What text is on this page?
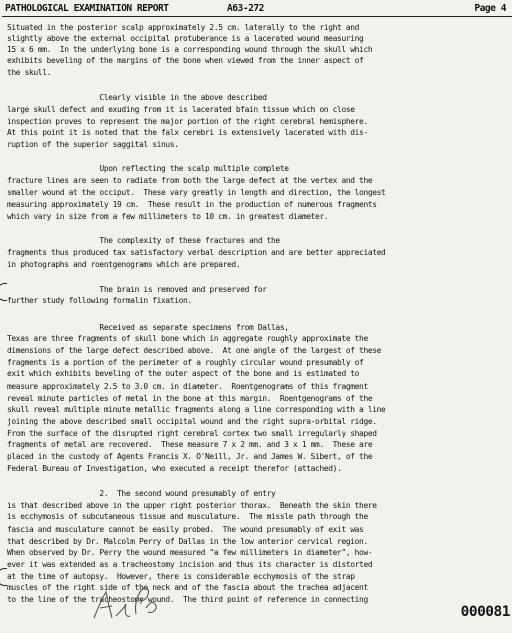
PATHOLOGICAL EXAMINATION REPORT	A63-272	Page 4
Situated in the posterior scalp approximately 2.5 cm. laterally to the right and
slightly above the external occipital protuberance is a lacerated wound measuring
15 x 6 mm.  In the underlying bone is a corresponding wound through the skull which
exhibits beveling of the margins of the bone when viewed from the inner aspect of
the skull.
Clearly visible in the above described
large skull defect and exuding from it is lacerated bfain tissue which on close
inspection proves to represent the major portion of the right cerebral hemisphere.
At this point it is noted that the falx cerebri is extensively lacerated with dis-
ruption of the superior saggital sinus.
Upon reflecting the scalp multiple complete
fracture lines are seen to radiate from both the large defect at the vertex and the
smaller wound at the occiput.  These vary greatly in length and direction, the longest
measuring approximately 19 cm.  These result in the production of numerous fragments
which vary in size from a few millimeters to 10 cm. in greatest diameter.
The complexity of these fractures and the
fragments thus produced tax satisfactory verbal description and are better appreciated
in photographs and roentgenograms which are prepared.
The brain is removed and preserved for
further study following formalin fixation.
Received as separate specimens from Dallas,
Texas are three fragments of skull bone which in aggregate roughly approximate the
dimensions of the large defect described above.  At one angle of the largest of these
fragments is a portion of the perimeter of a roughly circular wound presumably of
exit which exhibits beveling of the outer aspect of the bone and is estimated to
measure approximately 2.5 to 3.0 cm. in diameter.  Roentgenograms of this fragment
reveal minute particles of metal in the bone at this margin.  Roentgenograms of the
skull reveal multiple minute metallic fragments along a line corresponding with a line
joining the above described small occipital wound and the right supra-orbital ridge.
From the surface of the disrupted right cerebral cortex two small irregularly shaped
fragments of metal are recovered.  These measure 7 x 2 mm. and 3 x 1 mm.  These are
placed in the custody of Agents Francis X. O'Neill, Jr. and James W. Sibert, of the
Federal Bureau of Investigation, who executed a receipt therefor (attached).
2.  The second wound presumably of entry
is that described above in the upper right posterior thorax.  Beneath the skin there
is ecchymosis of subcutaneous tissue and musculature.  The missle path through the
fascia and musculature cannot be easily probed.  The wound presumably of exit was
that described by Dr. Malcolm Perry of Dallas in the low anterior cervical region.
When observed by Dr. Perry the wound measured "a few millimeters in diameter", how-
ever it was extended as a tracheostomy incision and thus its character is distorted
at the time of autopsy.  However, there is considerable ecchymosis of the strap
muscles of the right side of the neck and of the fascia about the trachea adjacent
to the line of the tracheostomy wound.  The third point of reference in connecting
000081
